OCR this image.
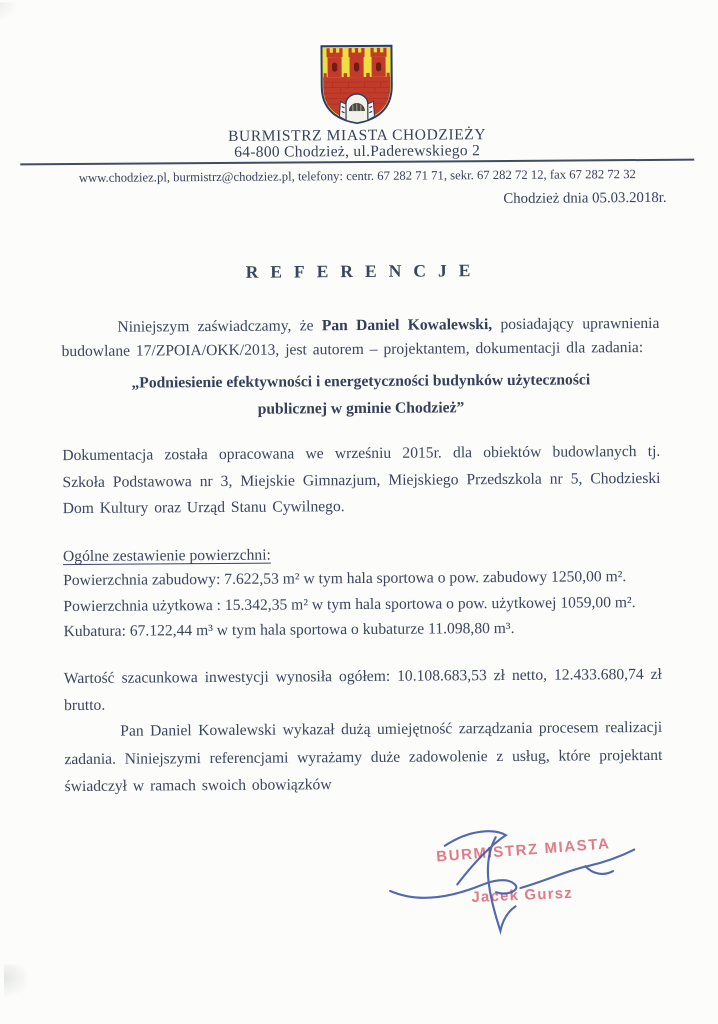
BURMISTRZ MIASTA CHODZIEŻY
64-800 Chodzież, ul.Paderewskiego 2
www.chodziez.pl, burmistrz@chodziez.pl, telefony: centr. 67 282 71 71, sekr. 67 282 72 12, fax 67 282 72 32
Chodzież dnia 05.03.2018r.
REFERENCJE

Niniejszym zaświadczamy, że Pan Daniel Kowalewski, posiadający uprawnienia budowlane 17/ZPOIA/OKK/2013, jest autorem – projektantem, dokumentacji dla zadania:

„Podniesienie efektywności i energetyczności budynków użyteczności
publicznej w gminie Chodzież”

Dokumentacja została opracowana we wrześniu 2015r. dla obiektów budowlanych tj. Szkoła Podstawowa nr 3, Miejskie Gimnazjum, Miejskiego Przedszkola nr 5, Chodzieski Dom Kultury oraz Urząd Stanu Cywilnego.

Ogólne zestawienie powierzchni:
Powierzchnia zabudowy: 7.622,53 m² w tym hala sportowa o pow. zabudowy 1250,00 m².
Powierzchnia użytkowa : 15.342,35 m² w tym hala sportowa o pow. użytkowej 1059,00 m².
Kubatura: 67.122,44 m³ w tym hala sportowa o kubaturze 11.098,80 m³.

Wartość szacunkowa inwestycji wynosiła ogółem: 10.108.683,53 zł netto, 12.433.680,74 zł brutto.

Pan Daniel Kowalewski wykazał dużą umiejętność zarządzania procesem realizacji zadania. Niniejszymi referencjami wyrażamy duże zadowolenie z usług, które projektant świadczył w ramach swoich obowiązków

BURMISTRZ MIASTA
Jacek Gursz
